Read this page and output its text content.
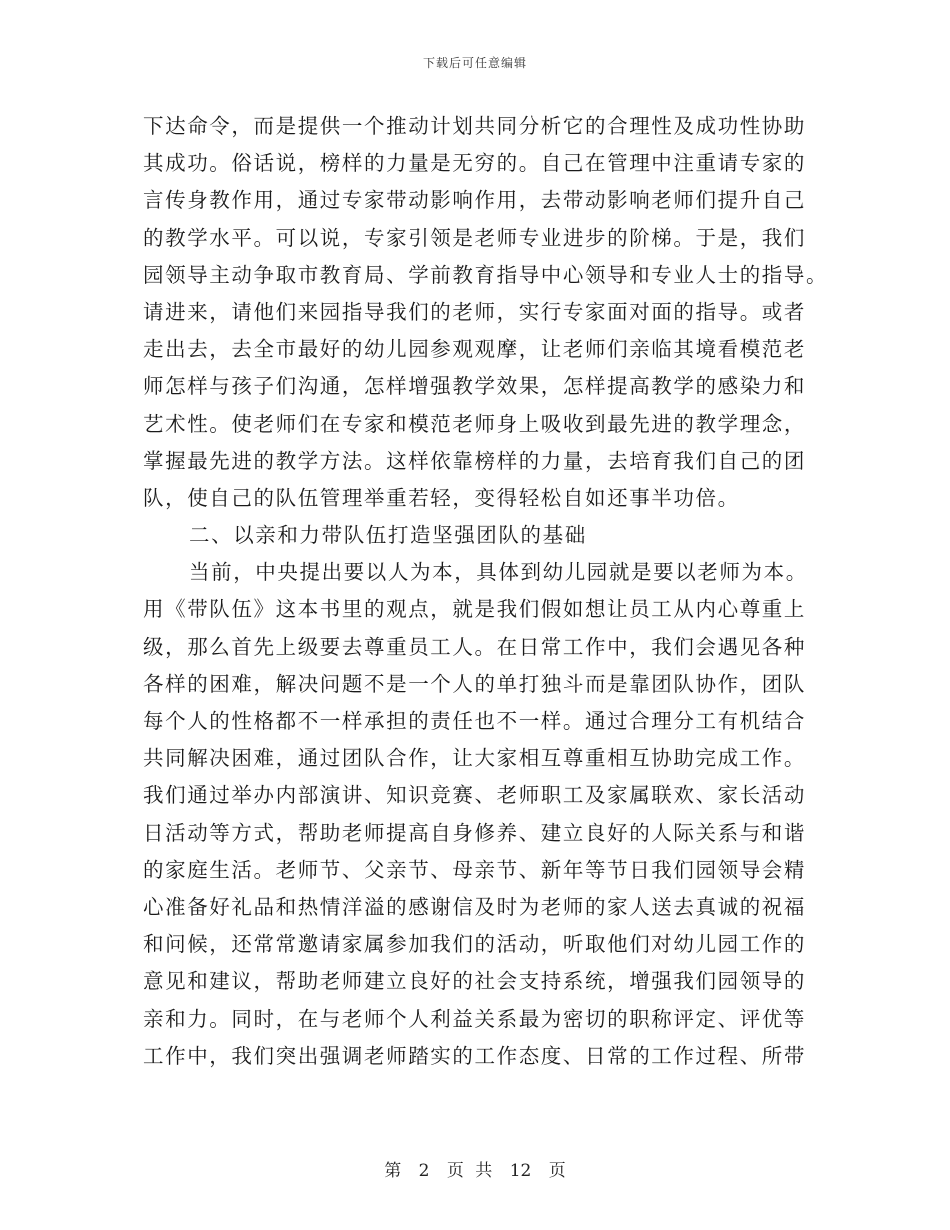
下载后可任意编辑
下达命令，而是提供一个推动计划共同分析它的合理性及成功性协助
其成功。俗话说，榜样的力量是无穷的。自己在管理中注重请专家的
言传身教作用，通过专家带动影响作用，去带动影响老师们提升自己
的教学水平。可以说，专家引领是老师专业进步的阶梯。于是，我们
园领导主动争取市教育局、学前教育指导中心领导和专业人士的指导。
请进来，请他们来园指导我们的老师，实行专家面对面的指导。或者
走出去，去全市最好的幼儿园参观观摩，让老师们亲临其境看模范老
师怎样与孩子们沟通，怎样增强教学效果，怎样提高教学的感染力和
艺术性。使老师们在专家和模范老师身上吸收到最先进的教学理念，
掌握最先进的教学方法。这样依靠榜样的力量，去培育我们自己的团
队，使自己的队伍管理举重若轻，变得轻松自如还事半功倍。
二、以亲和力带队伍打造坚强团队的基础
当前，中央提出要以人为本，具体到幼儿园就是要以老师为本。
用《带队伍》这本书里的观点，就是我们假如想让员工从内心尊重上
级，那么首先上级要去尊重员工人。在日常工作中，我们会遇见各种
各样的困难，解决问题不是一个人的单打独斗而是靠团队协作，团队
每个人的性格都不一样承担的责任也不一样。通过合理分工有机结合
共同解决困难，通过团队合作，让大家相互尊重相互协助完成工作。
我们通过举办内部演讲、知识竞赛、老师职工及家属联欢、家长活动
日活动等方式，帮助老师提高自身修养、建立良好的人际关系与和谐
的家庭生活。老师节、父亲节、母亲节、新年等节日我们园领导会精
心准备好礼品和热情洋溢的感谢信及时为老师的家人送去真诚的祝福
和问候，还常常邀请家属参加我们的活动，听取他们对幼儿园工作的
意见和建议，帮助老师建立良好的社会支持系统，增强我们园领导的
亲和力。同时，在与老师个人利益关系最为密切的职称评定、评优等
工作中，我们突出强调老师踏实的工作态度、日常的工作过程、所带
第 2 页 共 12 页
